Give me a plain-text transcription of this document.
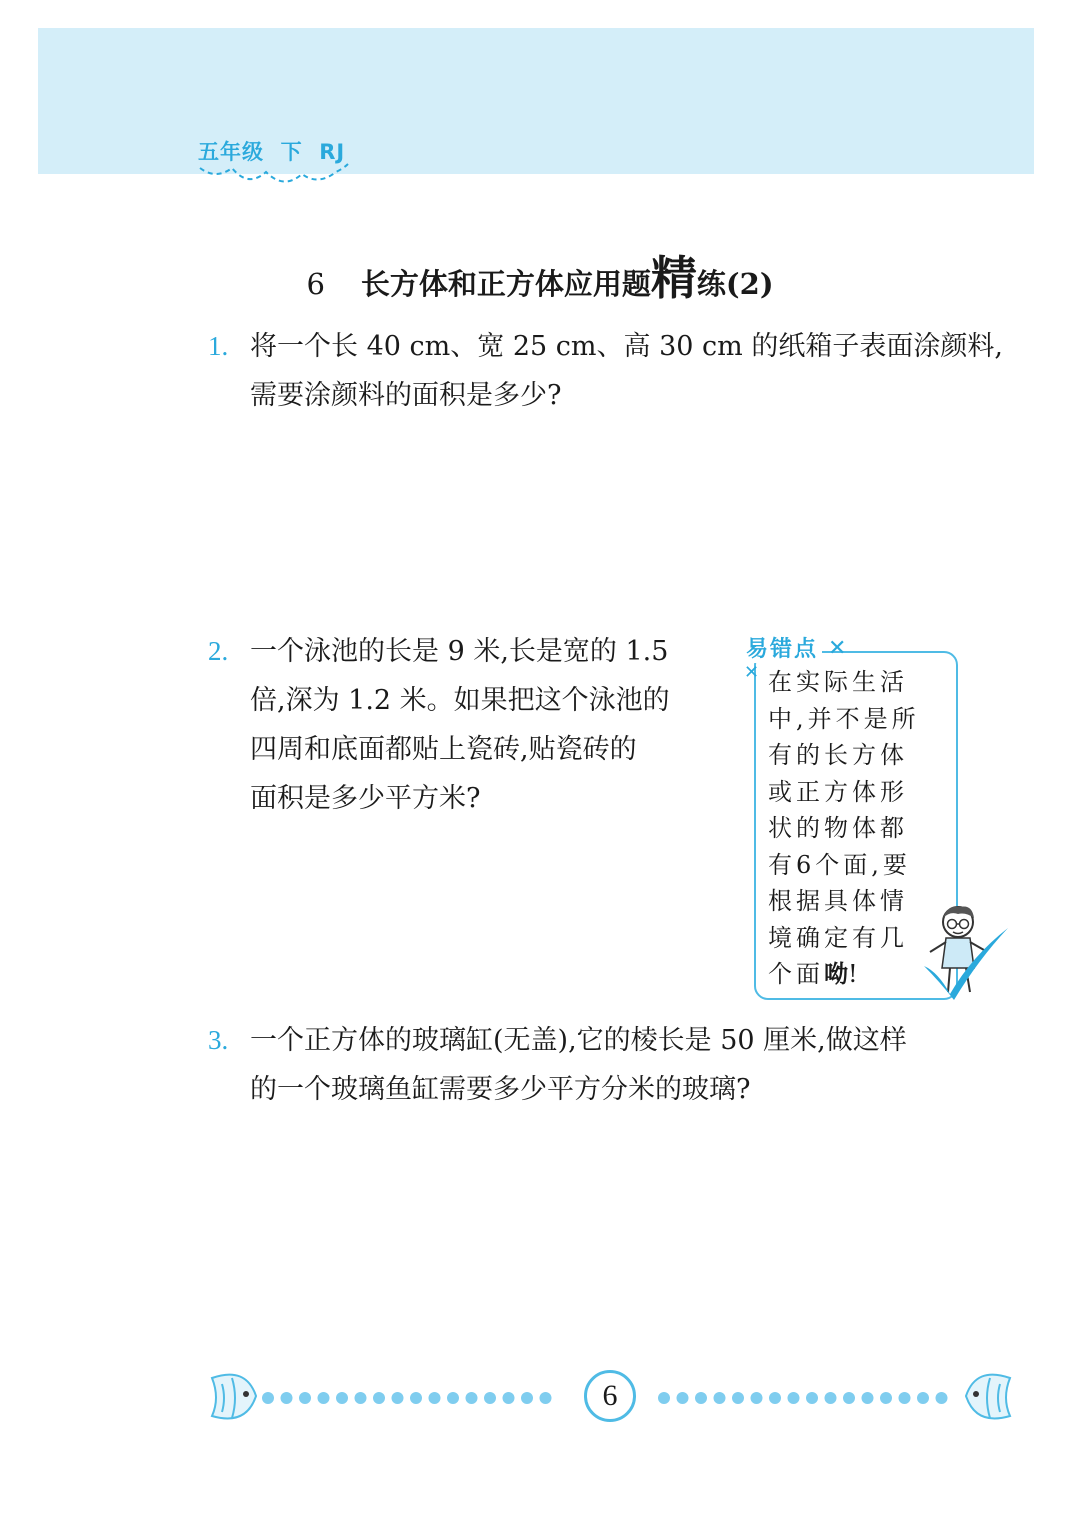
五年级  下  RJ
6 长方体和正方体应用题精练(2)
1. 将一个长 40 cm、宽 25 cm、高 30 cm 的纸箱子表面涂颜料,
需要涂颜料的面积是多少?
2. 一个泳池的长是 9 米,长是宽的 1.5
倍,深为 1.2 米。如果把这个泳池的
四周和底面都贴上瓷砖,贴瓷砖的
面积是多少平方米?
易错点 ✕
✕ 在实际生活
中,并不是所
有的长方体
或正方体形
状的物体都
有6个面,要
根据具体情
境确定有几
个面呦!
3. 一个正方体的玻璃缸(无盖),它的棱长是 50 厘米,做这样
的一个玻璃鱼缸需要多少平方分米的玻璃?
6
